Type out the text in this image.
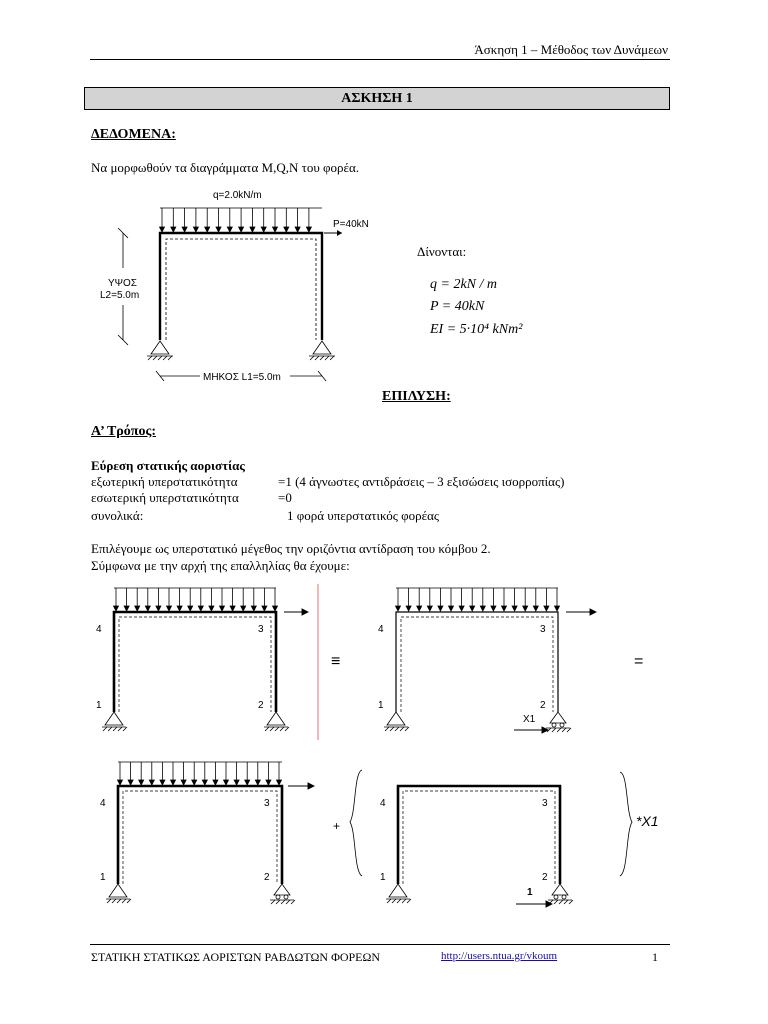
Άσκηση 1 – Μέθοδος των Δυνάμεων
ΑΣΚΗΣΗ 1
ΔΕΔΟΜΕΝΑ:
Να μορφωθούν τα διαγράμματα M,Q,N του φορέα.
q=2.0kN/m
P=40kN
ΥΨΟΣ
L2=5.0m
ΜΗΚΟΣ L1=5.0m
Δίνονται:
q = 2kN / m
P = 40kN
EI = 5·10⁴ kNm²
ΕΠΙΛΥΣΗ:
Α’ Τρόπος:
Εύρεση στατικής αοριστίας
εξωτερική υπερστατικότητα	=1 (4 άγνωστες αντιδράσεις – 3 εξισώσεις ισορροπίας)
εσωτερική υπερστατικότητα	=0
συνολικά:	1 φορά υπερστατικός φορέας
Επιλέγουμε ως υπερστατικό μέγεθος την οριζόντια αντίδραση του κόμβου 2.
Σύμφωνα με την αρχή της επαλληλίας θα έχουμε:
4	3
1	2
≡
4	3
1	2
X1
=
4	3
1	2
+
4	3
1	2
1
*X1
ΣΤΑΤΙΚΗ ΣΤΑΤΙΚΩΣ ΑΟΡΙΣΤΩΝ ΡΑΒΔΩΤΩΝ ΦΟΡΕΩΝ	http://users.ntua.gr/vkoum	1
